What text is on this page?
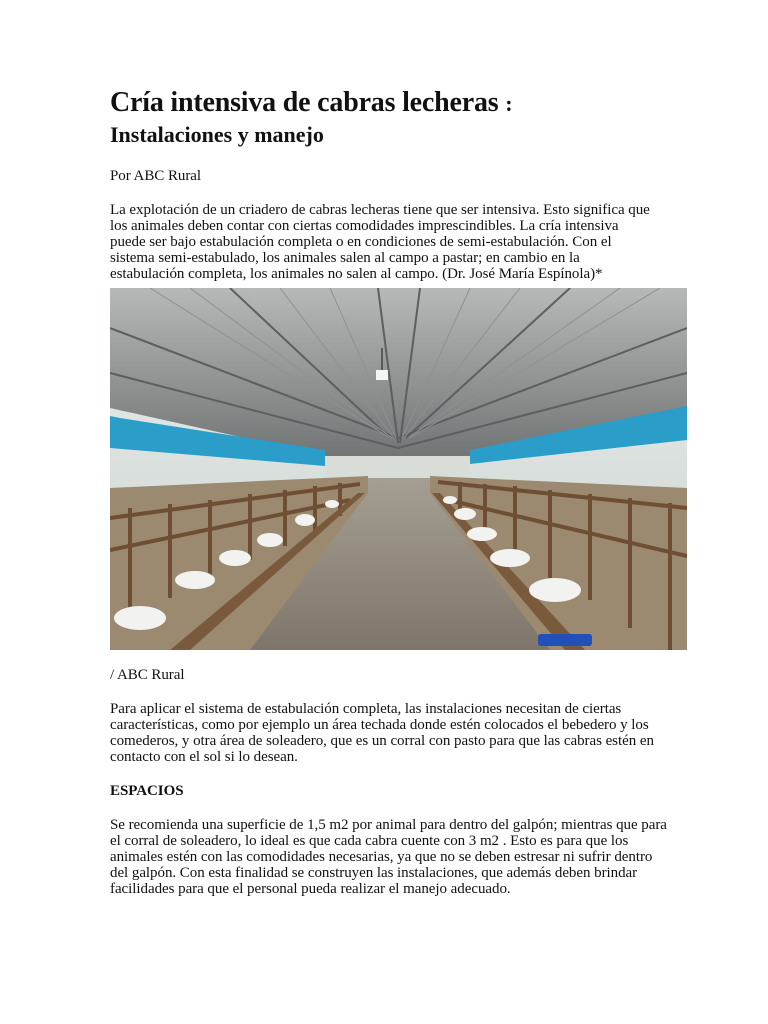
Cría intensiva de cabras lecheras :
Instalaciones y manejo

Por ABC Rural

La explotación de un criadero de cabras lecheras tiene que ser intensiva. Esto significa que los animales deben contar con ciertas comodidades imprescindibles. La cría intensiva puede ser bajo estabulación completa o en condiciones de semi-estabulación. Con el sistema semi-estabulado, los animales salen al campo a pastar; en cambio en la estabulación completa, los animales no salen al campo. (Dr. José María Espínola)*

/ ABC Rural

Para aplicar el sistema de estabulación completa, las instalaciones necesitan de ciertas características, como por ejemplo un área techada donde estén colocados el bebedero y los comederos, y otra área de soleadero, que es un corral con pasto para que las cabras estén en contacto con el sol si lo desean.

ESPACIOS

Se recomienda una superficie de 1,5 m2 por animal para dentro del galpón; mientras que para el corral de soleadero, lo ideal es que cada cabra cuente con 3 m2 . Esto es para que los animales estén con las comodidades necesarias, ya que no se deben estresar ni sufrir dentro del galpón. Con esta finalidad se construyen las instalaciones, que además deben brindar facilidades para que el personal pueda realizar el manejo adecuado.
